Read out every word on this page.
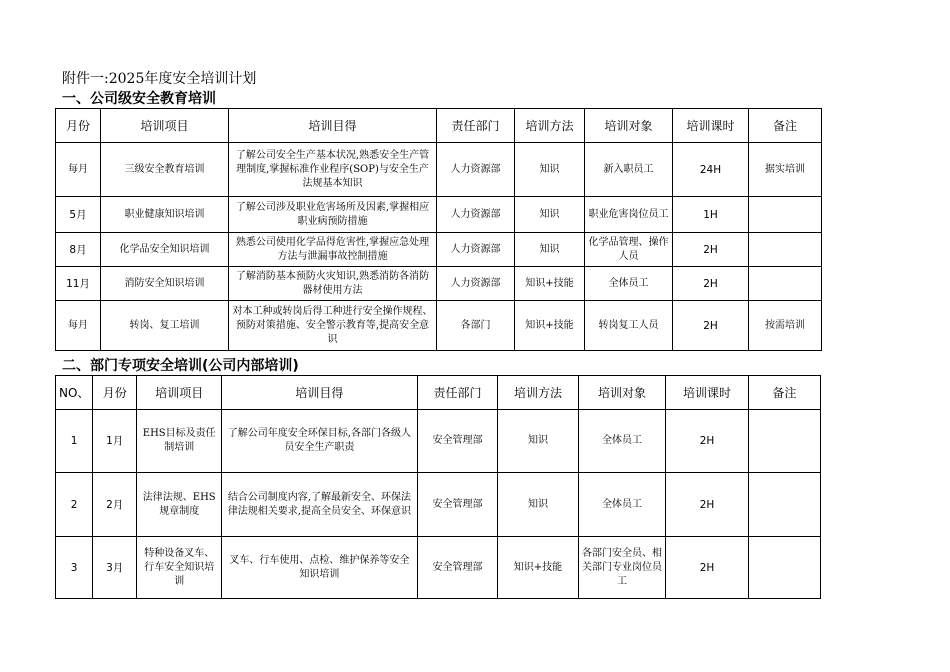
附件一:2025年度安全培训计划
一、公司级安全教育培训
月份	培训项目	培训目得	责任部门	培训方法	培训对象	培训课时	备注
每月	三级安全教育培训	了解公司安全生产基本状况,熟悉安全生产管理制度,掌握标准作业程序(SOP)与安全生产法规基本知识	人力资源部	知识	新入职员工	24H	据实培训
5月	职业健康知识培训	了解公司涉及职业危害场所及因素,掌握相应职业病预防措施	人力资源部	知识	职业危害岗位员工	1H	
8月	化学品安全知识培训	熟悉公司使用化学品得危害性,掌握应急处理方法与泄漏事故控制措施	人力资源部	知识	化学品管理、操作人员	2H	
11月	消防安全知识培训	了解消防基本预防火灾知识,熟悉消防各消防器材使用方法	人力资源部	知识+技能	全体员工	2H	
每月	转岗、复工培训	对本工种或转岗后得工种进行安全操作规程、预防对策措施、安全警示教育等,提高安全意识	各部门	知识+技能	转岗复工人员	2H	按需培训
二、部门专项安全培训(公司内部培训)
NO、	月份	培训项目	培训目得	责任部门	培训方法	培训对象	培训课时	备注
1	1月	EHS目标及责任制培训	了解公司年度安全环保目标,各部门各级人员安全生产职责	安全管理部	知识	全体员工	2H	
2	2月	法律法规、EHS规章制度	结合公司制度内容,了解最新安全、环保法律法规相关要求,提高全员安全、环保意识	安全管理部	知识	全体员工	2H	
3	3月	特种设备叉车、行车安全知识培训	叉车、行车使用、点检、维护保养等安全知识培训	安全管理部	知识+技能	各部门安全员、相关部门专业岗位员工	2H	
